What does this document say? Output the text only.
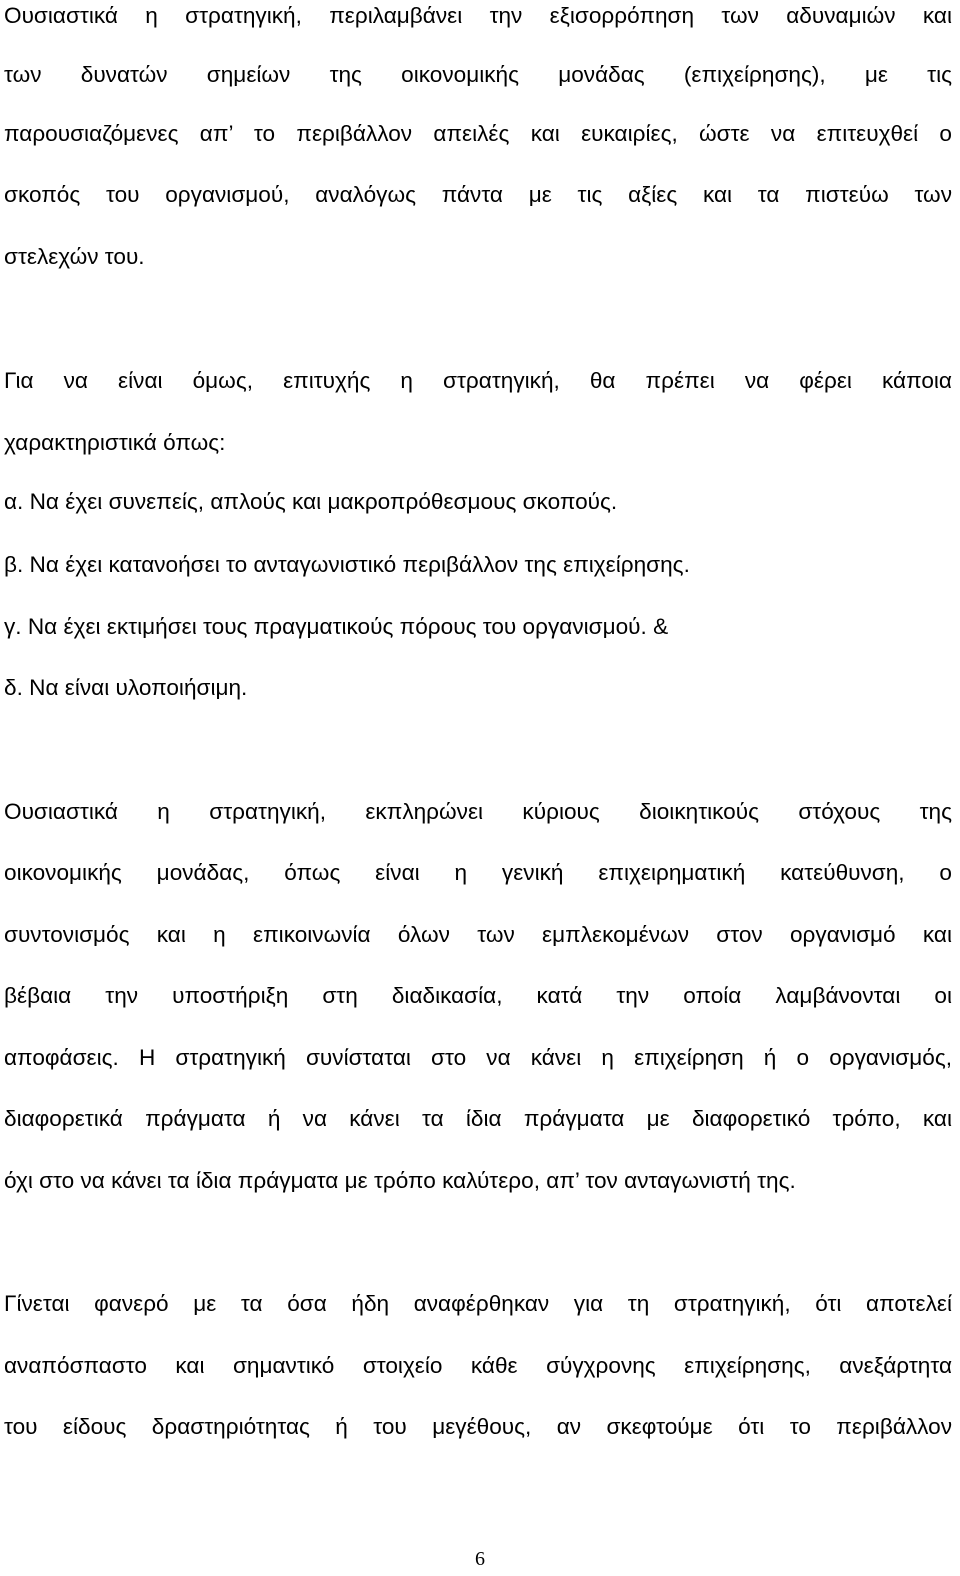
Ουσιαστικά η στρατηγική, περιλαμβάνει την εξισορρόπηση των αδυναμιών και
των δυνατών σημείων της οικονομικής μονάδας (επιχείρησης), με τις
παρουσιαζόμενες απ’ το περιβάλλον απειλές και ευκαιρίες, ώστε να επιτευχθεί ο
σκοπός του οργανισμού, αναλόγως πάντα με τις αξίες και τα πιστεύω των
στελεχών του.
Για να είναι όμως, επιτυχής η στρατηγική, θα πρέπει να φέρει κάποια
χαρακτηριστικά όπως:
α. Να έχει συνεπείς, απλούς και μακροπρόθεσμους σκοπούς.
β. Να έχει κατανοήσει το ανταγωνιστικό περιβάλλον της επιχείρησης.
γ. Να έχει εκτιμήσει τους πραγματικούς πόρους του οργανισμού. &
δ. Να είναι υλοποιήσιμη.
Ουσιαστικά η στρατηγική, εκπληρώνει κύριους διοικητικούς στόχους της
οικονομικής μονάδας, όπως είναι η γενική επιχειρηματική κατεύθυνση, ο
συντονισμός και η επικοινωνία όλων των εμπλεκομένων στον οργανισμό και
βέβαια την υποστήριξη στη διαδικασία, κατά την οποία λαμβάνονται οι
αποφάσεις. Η στρατηγική συνίσταται στο να κάνει η επιχείρηση ή ο οργανισμός,
διαφορετικά πράγματα ή να κάνει τα ίδια πράγματα με διαφορετικό τρόπο, και
όχι στο να κάνει τα ίδια πράγματα με τρόπο καλύτερο, απ’ τον ανταγωνιστή της.
Γίνεται φανερό με τα όσα ήδη αναφέρθηκαν για τη στρατηγική, ότι αποτελεί
αναπόσπαστο και σημαντικό στοιχείο κάθε σύγχρονης επιχείρησης, ανεξάρτητα
του είδους δραστηριότητας ή του μεγέθους, αν σκεφτούμε ότι το περιβάλλον
6
